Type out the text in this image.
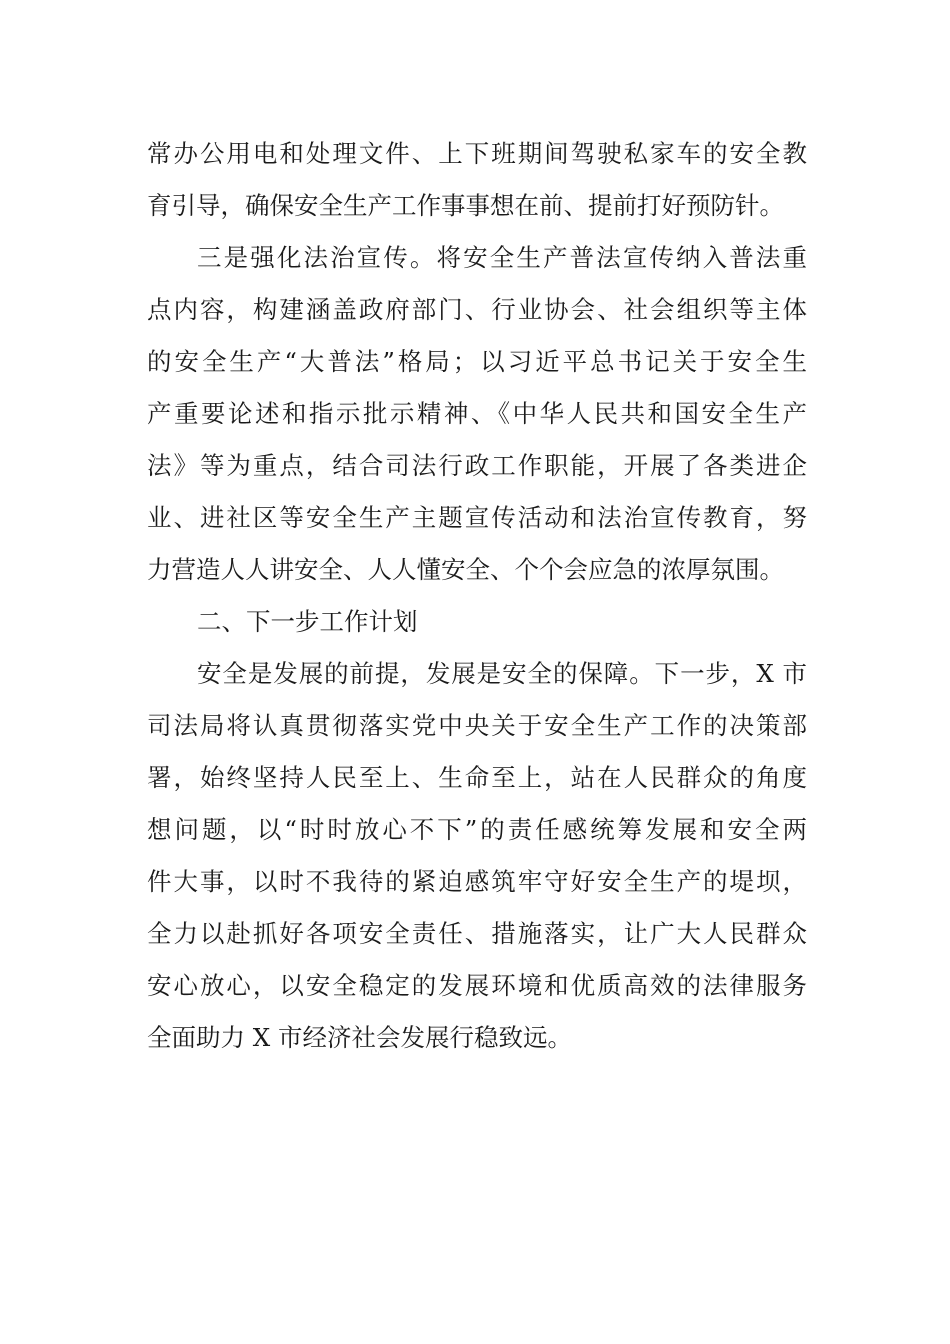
常办公用电和处理文件、上下班期间驾驶私家车的安全教
育引导，确保安全生产工作事事想在前、提前打好预防针。
三是强化法治宣传。将安全生产普法宣传纳入普法重
点内容，构建涵盖政府部门、行业协会、社会组织等主体
的安全生产“大普法”格局；以习近平总书记关于安全生
产重要论述和指示批示精神、《中华人民共和国安全生产
法》等为重点，结合司法行政工作职能，开展了各类进企
业、进社区等安全生产主题宣传活动和法治宣传教育，努
力营造人人讲安全、人人懂安全、个个会应急的浓厚氛围。
二、下一步工作计划
安全是发展的前提，发展是安全的保障。下一步，X 市
司法局将认真贯彻落实党中央关于安全生产工作的决策部
署，始终坚持人民至上、生命至上，站在人民群众的角度
想问题，以“时时放心不下”的责任感统筹发展和安全两
件大事，以时不我待的紧迫感筑牢守好安全生产的堤坝，
全力以赴抓好各项安全责任、措施落实，让广大人民群众
安心放心，以安全稳定的发展环境和优质高效的法律服务
全面助力 X 市经济社会发展行稳致远。
